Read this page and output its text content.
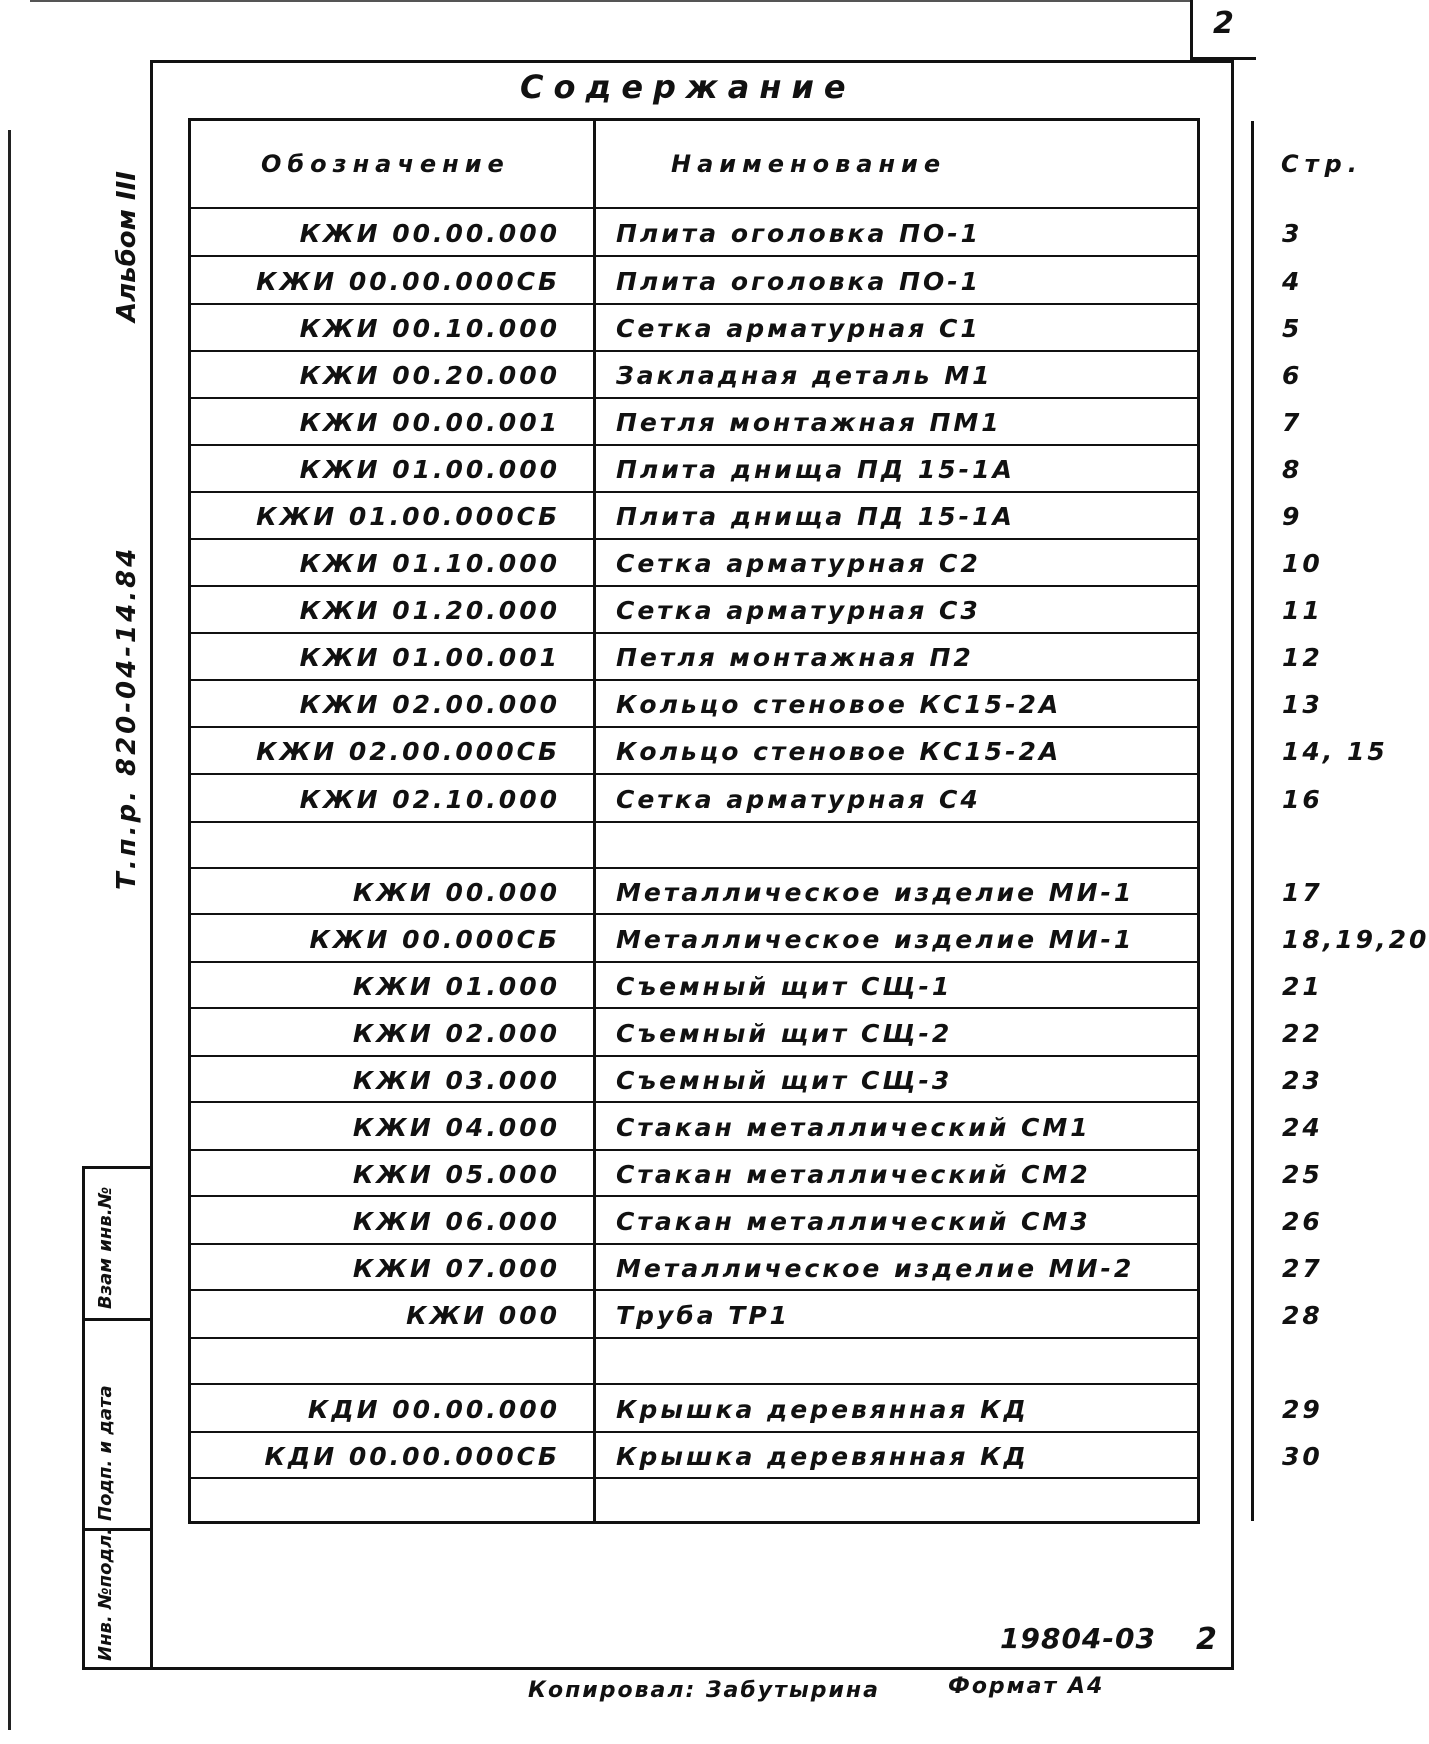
2
Содержание
Альбом III
Т.п.р. 820-04-14.84
Взам инв.№
Подп. и дата
Инв. №подл.
Обозначение	Наименование	Стр.
КЖИ 00.00.000	Плита оголовка ПО-1	3
КЖИ 00.00.000СБ	Плита оголовка ПО-1	4
КЖИ 00.10.000	Сетка арматурная С1	5
КЖИ 00.20.000	Закладная деталь М1	6
КЖИ 00.00.001	Петля монтажная ПМ1	7
КЖИ 01.00.000	Плита днища ПД 15-1А	8
КЖИ 01.00.000СБ	Плита днища ПД 15-1А	9
КЖИ 01.10.000	Сетка арматурная С2	10
КЖИ 01.20.000	Сетка арматурная С3	11
КЖИ 01.00.001	Петля монтажная П2	12
КЖИ 02.00.000	Кольцо стеновое КС15-2А	13
КЖИ 02.00.000СБ	Кольцо стеновое КС15-2А	14, 15
КЖИ 02.10.000	Сетка арматурная С4	16
КЖИ 00.000	Металлическое изделие МИ-1	17
КЖИ 00.000СБ	Металлическое изделие МИ-1	18,19,20
КЖИ 01.000	Съемный щит СЩ-1	21
КЖИ 02.000	Съемный щит СЩ-2	22
КЖИ 03.000	Съемный щит СЩ-3	23
КЖИ 04.000	Стакан металлический СМ1	24
КЖИ 05.000	Стакан металлический СМ2	25
КЖИ 06.000	Стакан металлический СМ3	26
КЖИ 07.000	Металлическое изделие МИ-2	27
КЖИ 000	Труба ТР1	28
КДИ 00.00.000	Крышка деревянная КД	29
КДИ 00.00.000СБ	Крышка деревянная КД	30
19804-03 2
Копировал: Забутырина	Формат А4
